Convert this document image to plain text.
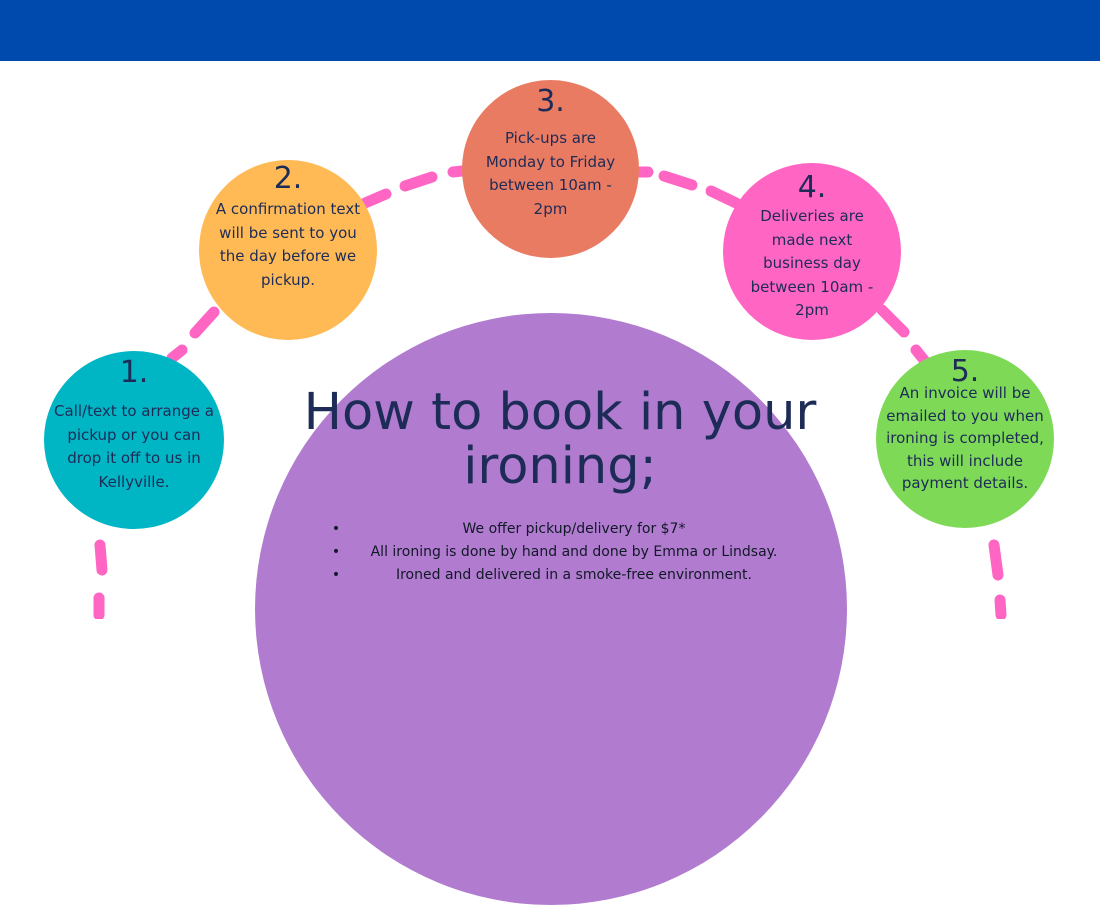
1.
Call/text to arrange a pickup or you can drop it off to us in Kellyville.
2.
A confirmation text will be sent to you the day before we pickup.
3.
Pick-ups are Monday to Friday between 10am - 2pm
4.
Deliveries are made next business day between 10am - 2pm
5.
An invoice will be emailed to you when ironing is completed, this will include payment details.
How to book in your ironing;
•	We offer pickup/delivery for $7*
•	All ironing is done by hand and done by Emma or Lindsay.
•	Ironed and delivered in a smoke-free environment.
